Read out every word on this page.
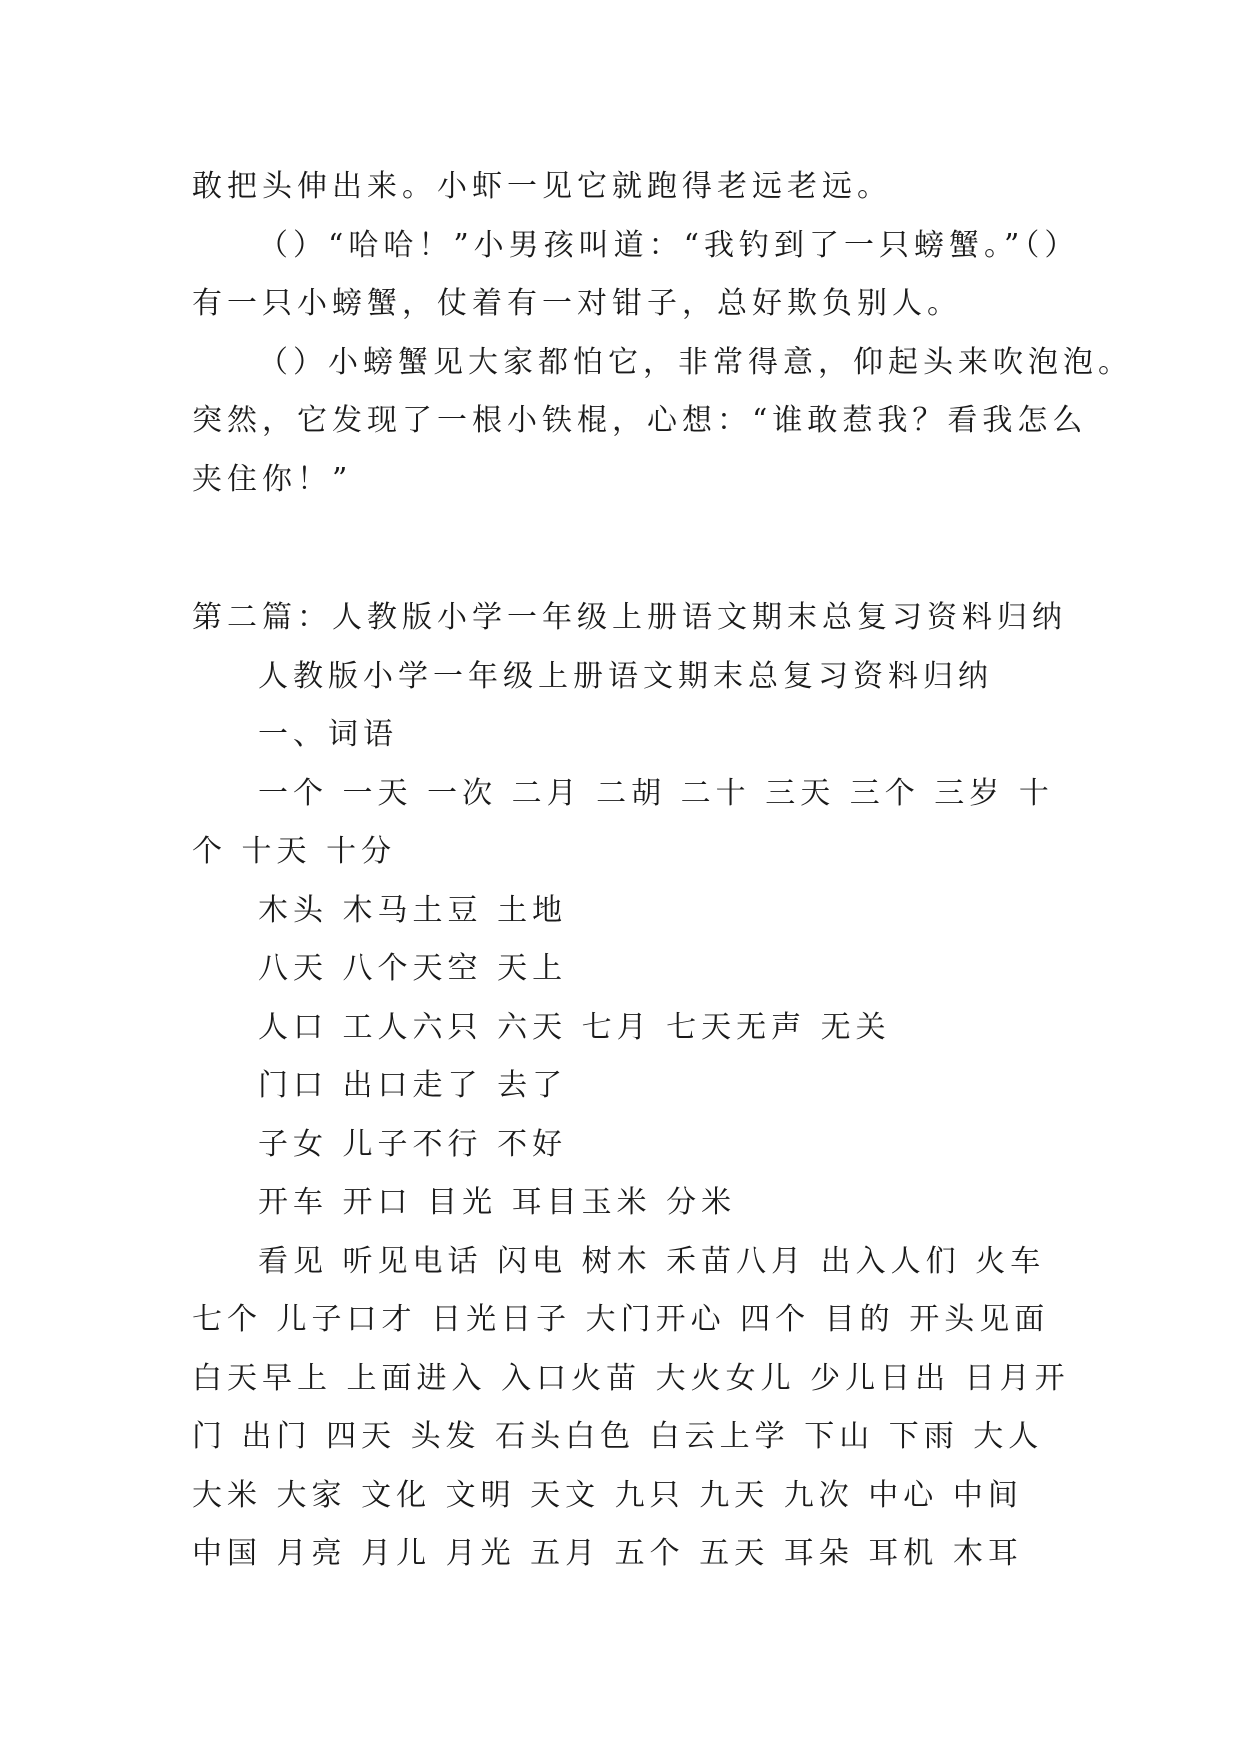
敢把头伸出来。小虾一见它就跑得老远老远。
（）“哈哈！”小男孩叫道：“我钓到了一只螃蟹。”（）
有一只小螃蟹，仗着有一对钳子，总好欺负别人。
（）小螃蟹见大家都怕它，非常得意，仰起头来吹泡泡。
突然，它发现了一根小铁棍，心想：“谁敢惹我？看我怎么
夹住你！”
第二篇：人教版小学一年级上册语文期末总复习资料归纳
人教版小学一年级上册语文期末总复习资料归纳
一、词语
一个 一天 一次 二月 二胡 二十 三天 三个 三岁 十
个 十天 十分
木头 木马土豆 土地
八天 八个天空 天上
人口 工人六只 六天 七月 七天无声 无关
门口 出口走了 去了
子女 儿子不行 不好
开车 开口 目光 耳目玉米 分米
看见 听见电话 闪电 树木 禾苗八月 出入人们 火车
七个 儿子口才 日光日子 大门开心 四个 目的 开头见面
白天早上 上面进入 入口火苗 大火女儿 少儿日出 日月开
门 出门 四天 头发 石头白色 白云上学 下山 下雨 大人
大米 大家 文化 文明 天文 九只 九天 九次 中心 中间
中国 月亮 月儿 月光 五月 五个 五天 耳朵 耳机 木耳
